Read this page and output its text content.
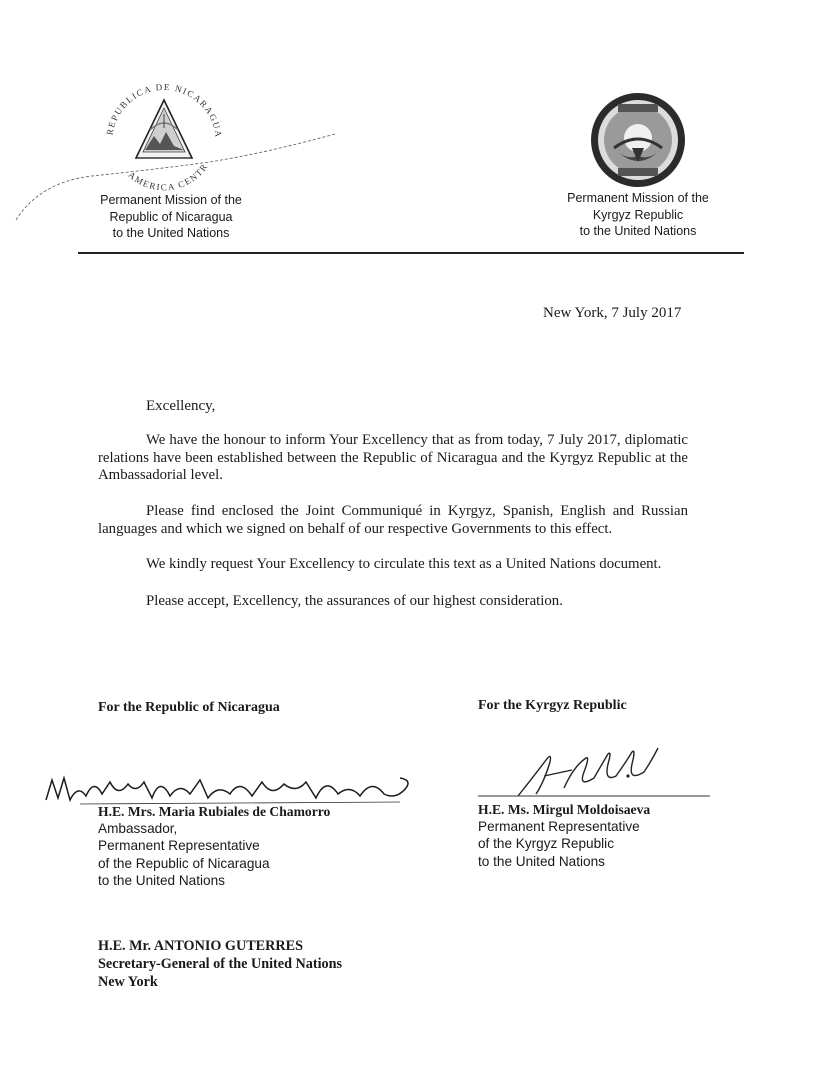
REPUBLICA DE NICARAGUA
AMERICA CENTR
Permanent Mission of the
Republic of Nicaragua
to the United Nations
Permanent Mission of the
Kyrgyz Republic
to the United Nations
New York, 7 July 2017
Excellency,

We have the honour to inform Your Excellency that as from today, 7 July 2017, diplomatic relations have been established between the Republic of Nicaragua and the Kyrgyz Republic at the Ambassadorial level.

Please find enclosed the Joint Communiqué in Kyrgyz, Spanish, English and Russian languages and which we signed on behalf of our respective Governments to this effect.

We kindly request Your Excellency to circulate this text as a United Nations document.

Please accept, Excellency, the assurances of our highest consideration.

For the Republic of Nicaragua	For the Kyrgyz Republic
H.E. Mrs. Maria Rubiales de Chamorro
Ambassador,
Permanent Representative
of the Republic of Nicaragua
to the United Nations
H.E. Ms. Mirgul Moldoisaeva
Permanent Representative
of the Kyrgyz Republic
to the United Nations
H.E. Mr. ANTONIO GUTERRES
Secretary-General of the United Nations
New York
